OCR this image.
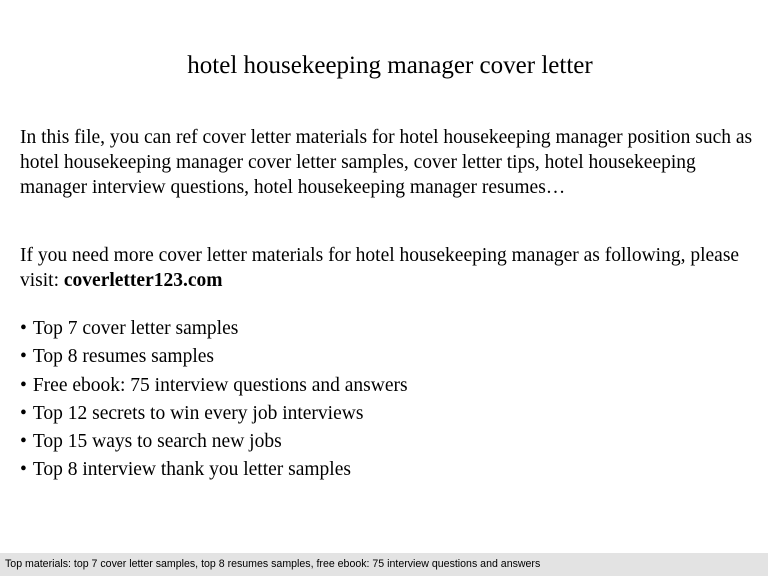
hotel housekeeping manager cover letter

In this file, you can ref cover letter materials for hotel housekeeping manager position such as hotel housekeeping manager cover letter samples, cover letter tips, hotel housekeeping manager interview questions, hotel housekeeping manager resumes…

If you need more cover letter materials for hotel housekeeping manager as following, please visit: coverletter123.com

• Top 7 cover letter samples
• Top 8 resumes samples
• Free ebook: 75 interview questions and answers
• Top 12 secrets to win every job interviews
• Top 15 ways to search new jobs
• Top 8 interview thank you letter samples
Top materials: top 7 cover letter samples, top 8 resumes samples, free ebook: 75 interview questions and answers
